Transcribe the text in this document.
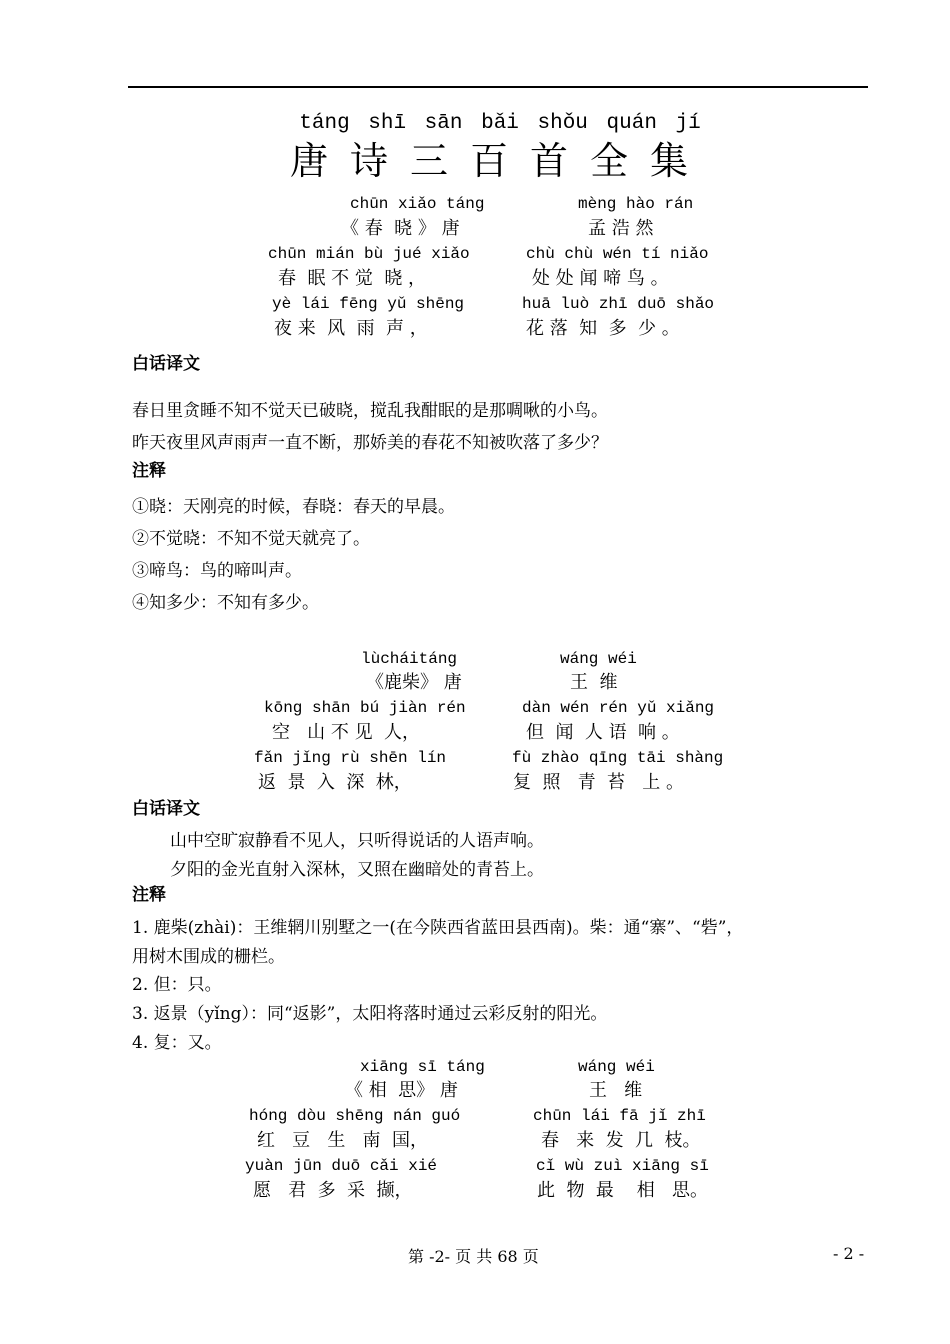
táng shī sān bǎi shǒu quán jí
唐诗三百首全集
chūn xiǎo táng
《 春  晓 》 唐
mèng hào rán
孟 浩 然
chūn mián bù jué xiǎo
春  眠 不 觉  晓 ，
chù chù wén tí niǎo
处 处 闻 啼 鸟 。
yè lái fēng yǔ shēng
夜 来  风  雨  声 ，
huā luò zhī duō shǎo
花 落  知  多  少 。
白话译文
春日里贪睡不知不觉天已破晓，搅乱我酣眠的是那啁啾的小鸟。
昨天夜里风声雨声一直不断，那娇美的春花不知被吹落了多少？
注释
①晓：天刚亮的时候，春晓：春天的早晨。
②不觉晓：不知不觉天就亮了。
③啼鸟：鸟的啼叫声。
④知多少：不知有多少。
lùcháitáng
《鹿柴》 唐
wáng wéi
王  维
kōng shān bú jiàn rén
空   山 不 见  人，
dàn wén rén yǔ xiǎng
但  闻  人 语  响 。
fǎn jǐng rù shēn lín
返  景  入  深  林，
fù zhào qīng tāi shàng
复  照   青  苔   上 。
白话译文
山中空旷寂静看不见人，只听得说话的人语声响。
夕阳的金光直射入深林，又照在幽暗处的青苔上。
注释
1. 鹿柴(zhài)：王维辋川别墅之一(在今陕西省蓝田县西南)。柴：通“寨”、“砦”，
用树木围成的栅栏。
2. 但：只。
3. 返景（yǐng）：同“返影”，太阳将落时通过云彩反射的阳光。
4. 复：又。
xiāng sī táng
《 相  思》 唐
wáng wéi
王   维
hóng dòu shēng nán guó
红   豆   生   南  国，
chūn lái fā jǐ zhī
春   来  发  几  枝。
yuàn jūn duō cǎi xié
愿   君  多  采  撷，
cǐ wù zuì xiāng sī
此  物  最    相   思。
第 -2- 页 共 68 页	- 2 -
